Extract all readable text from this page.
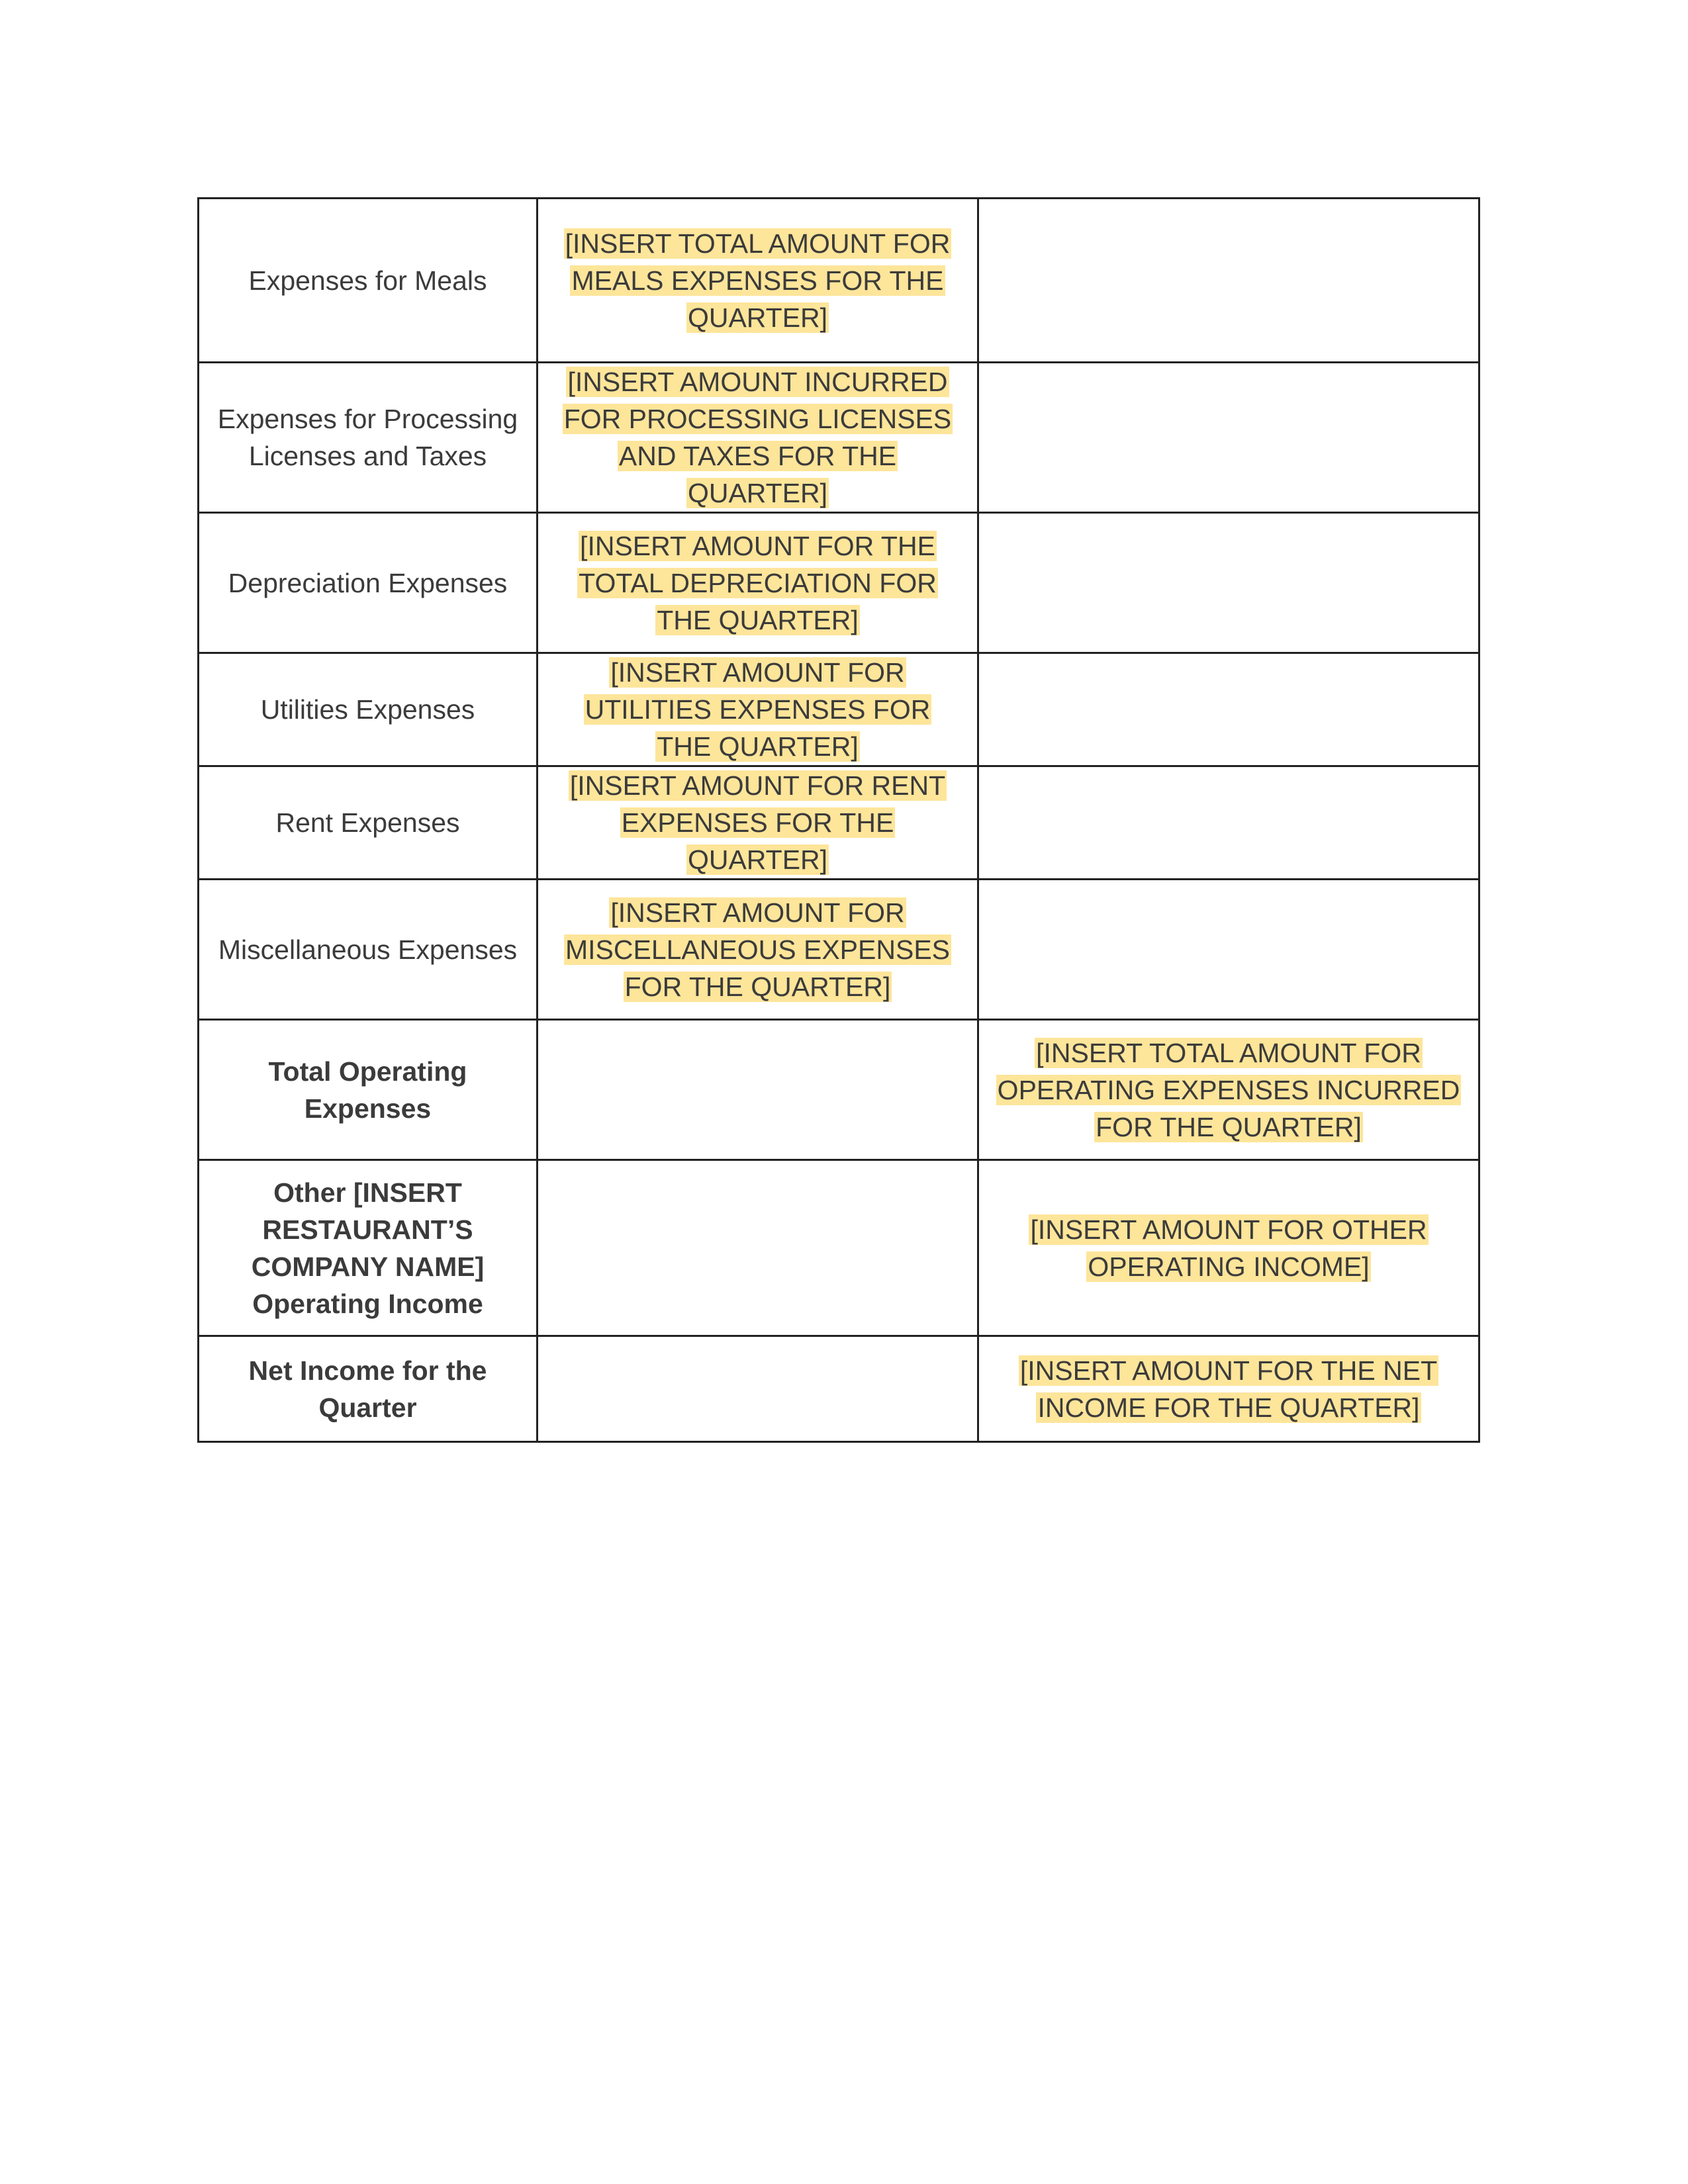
Expenses for Meals	[INSERT TOTAL AMOUNT FOR MEALS EXPENSES FOR THE QUARTER]	
Expenses for Processing Licenses and Taxes	[INSERT AMOUNT INCURRED FOR PROCESSING LICENSES AND TAXES FOR THE QUARTER]	
Depreciation Expenses	[INSERT AMOUNT FOR THE TOTAL DEPRECIATION FOR THE QUARTER]	
Utilities Expenses	[INSERT AMOUNT FOR UTILITIES EXPENSES FOR THE QUARTER]	
Rent Expenses	[INSERT AMOUNT FOR RENT EXPENSES FOR THE QUARTER]	
Miscellaneous Expenses	[INSERT AMOUNT FOR MISCELLANEOUS EXPENSES FOR THE QUARTER]	
Total Operating Expenses		[INSERT TOTAL AMOUNT FOR OPERATING EXPENSES INCURRED FOR THE QUARTER]
Other [INSERT RESTAURANT’S COMPANY NAME] Operating Income		[INSERT AMOUNT FOR OTHER OPERATING INCOME]
Net Income for the Quarter		[INSERT AMOUNT FOR THE NET INCOME FOR THE QUARTER]
